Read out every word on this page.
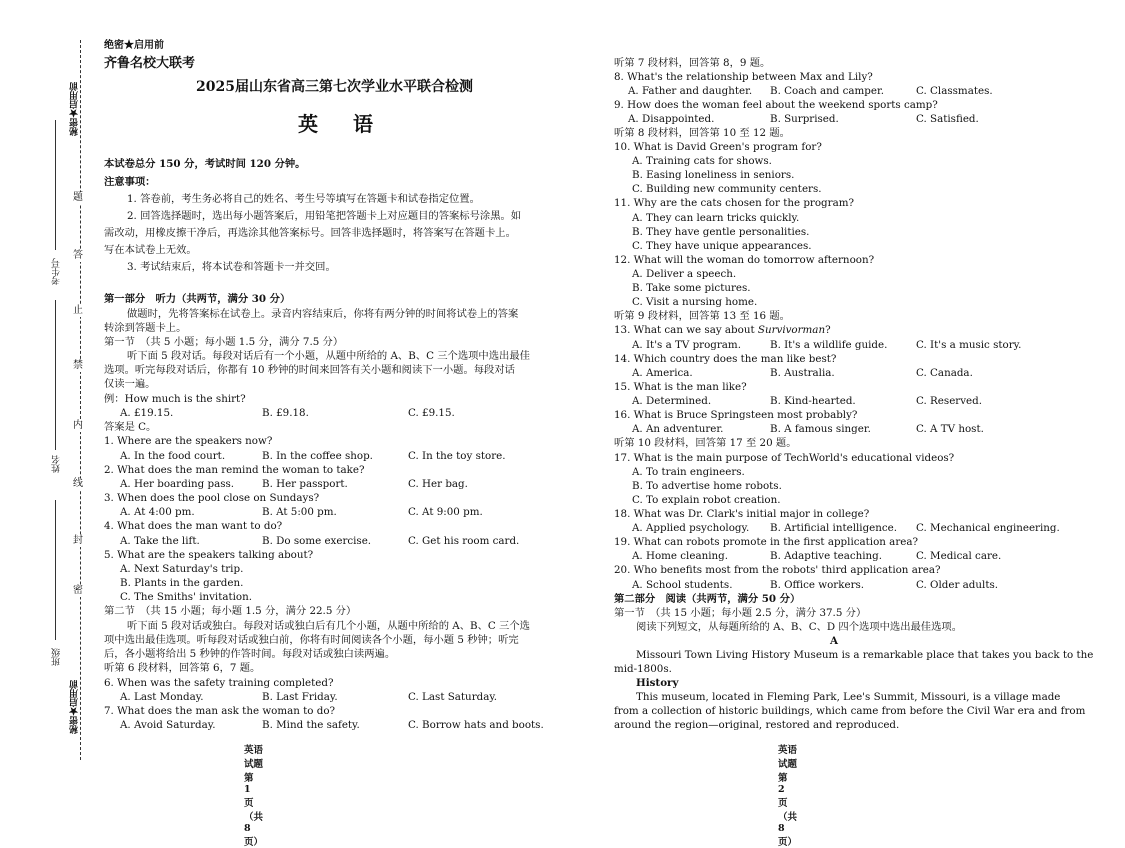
秘密★启用前
题
答
止
禁
内
线
封
密
秘密★启用前
考生号
姓名
班级
绝密★启用前
齐鲁名校大联考
2025届山东省高三第七次学业水平联合检测
英 语
本试卷总分 150 分，考试时间 120 分钟。
注意事项：
1. 答卷前，考生务必将自己的姓名、考生号等填写在答题卡和试卷指定位置。
2. 回答选择题时，选出每小题答案后，用铅笔把答题卡上对应题目的答案标号涂黑。如
需改动，用橡皮擦干净后，再选涂其他答案标号。回答非选择题时，将答案写在答题卡上。
写在本试卷上无效。
3. 考试结束后，将本试卷和答题卡一并交回。
第一部分　听力（共两节，满分 30 分）
做题时，先将答案标在试卷上。录音内容结束后，你将有两分钟的时间将试卷上的答案
转涂到答题卡上。
第一节　（共 5 小题；每小题 1.5 分，满分 7.5 分）
听下面 5 段对话。每段对话后有一个小题，从题中所给的 A、B、C 三个选项中选出最佳
选项。听完每段对话后，你都有 10 秒钟的时间来回答有关小题和阅读下一小题。每段对话
仅读一遍。
例：How much is the shirt?
A. £19.15.	B. £9.18.	C. £9.15.
答案是 C。
1. Where are the speakers now?
A. In the food court.	B. In the coffee shop.	C. In the toy store.
2. What does the man remind the woman to take?
A. Her boarding pass.	B. Her passport.	C. Her bag.
3. When does the pool close on Sundays?
A. At 4:00 pm.	B. At 5:00 pm.	C. At 9:00 pm.
4. What does the man want to do?
A. Take the lift.	B. Do some exercise.	C. Get his room card.
5. What are the speakers talking about?
A. Next Saturday's trip.
B. Plants in the garden.
C. The Smiths' invitation.
第二节　（共 15 小题；每小题 1.5 分，满分 22.5 分）
听下面 5 段对话或独白。每段对话或独白后有几个小题，从题中所给的 A、B、C 三个选
项中选出最佳选项。听每段对话或独白前，你将有时间阅读各个小题，每小题 5 秒钟；听完
后，各小题将给出 5 秒钟的作答时间。每段对话或独白读两遍。
听第 6 段材料，回答第 6，7 题。
6. When was the safety training completed?
A. Last Monday.	B. Last Friday.	C. Last Saturday.
7. What does the man ask the woman to do?
A. Avoid Saturday.	B. Mind the safety.	C. Borrow hats and boots.
英语试题　第 1 页（共 8 页）
听第 7 段材料，回答第 8，9 题。
8. What's the relationship between Max and Lily?
A. Father and daughter. B. Coach and camper.	C. Classmates.
9. How does the woman feel about the weekend sports camp?
A. Disappointed.	B. Surprised.	C. Satisfied.
听第 8 段材料，回答第 10 至 12 题。
10. What is David Green's program for?
A. Training cats for shows.
B. Easing loneliness in seniors.
C. Building new community centers.
11. Why are the cats chosen for the program?
A. They can learn tricks quickly.
B. They have gentle personalities.
C. They have unique appearances.
12. What will the woman do tomorrow afternoon?
A. Deliver a speech.
B. Take some pictures.
C. Visit a nursing home.
听第 9 段材料，回答第 13 至 16 题。
13. What can we say about Survivorman?
A. It's a TV program.	B. It's a wildlife guide.	C. It's a music story.
14. Which country does the man like best?
A. America.	B. Australia.	C. Canada.
15. What is the man like?
A. Determined.	B. Kind-hearted.	C. Reserved.
16. What is Bruce Springsteen most probably?
A. An adventurer.	B. A famous singer.	C. A TV host.
听第 10 段材料，回答第 17 至 20 题。
17. What is the main purpose of TechWorld's educational videos?
A. To train engineers.
B. To advertise home robots.
C. To explain robot creation.
18. What was Dr. Clark's initial major in college?
A. Applied psychology. B. Artificial intelligence. C. Mechanical engineering.
19. What can robots promote in the first application area?
A. Home cleaning.	B. Adaptive teaching.	C. Medical care.
20. Who benefits most from the robots' third application area?
A. School students.	B. Office workers.	C. Older adults.
第二部分　阅读（共两节，满分 50 分）
第一节　（共 15 小题；每小题 2.5 分，满分 37.5 分）
阅读下列短文，从每题所给的 A、B、C、D 四个选项中选出最佳选项。
A
Missouri Town Living History Museum is a remarkable place that takes you back to the
mid-1800s.
History
This museum, located in Fleming Park, Lee's Summit, Missouri, is a village made
from a collection of historic buildings, which came from before the Civil War era and from
around the region—original, restored and reproduced.
英语试题　第 2 页（共 8 页）
